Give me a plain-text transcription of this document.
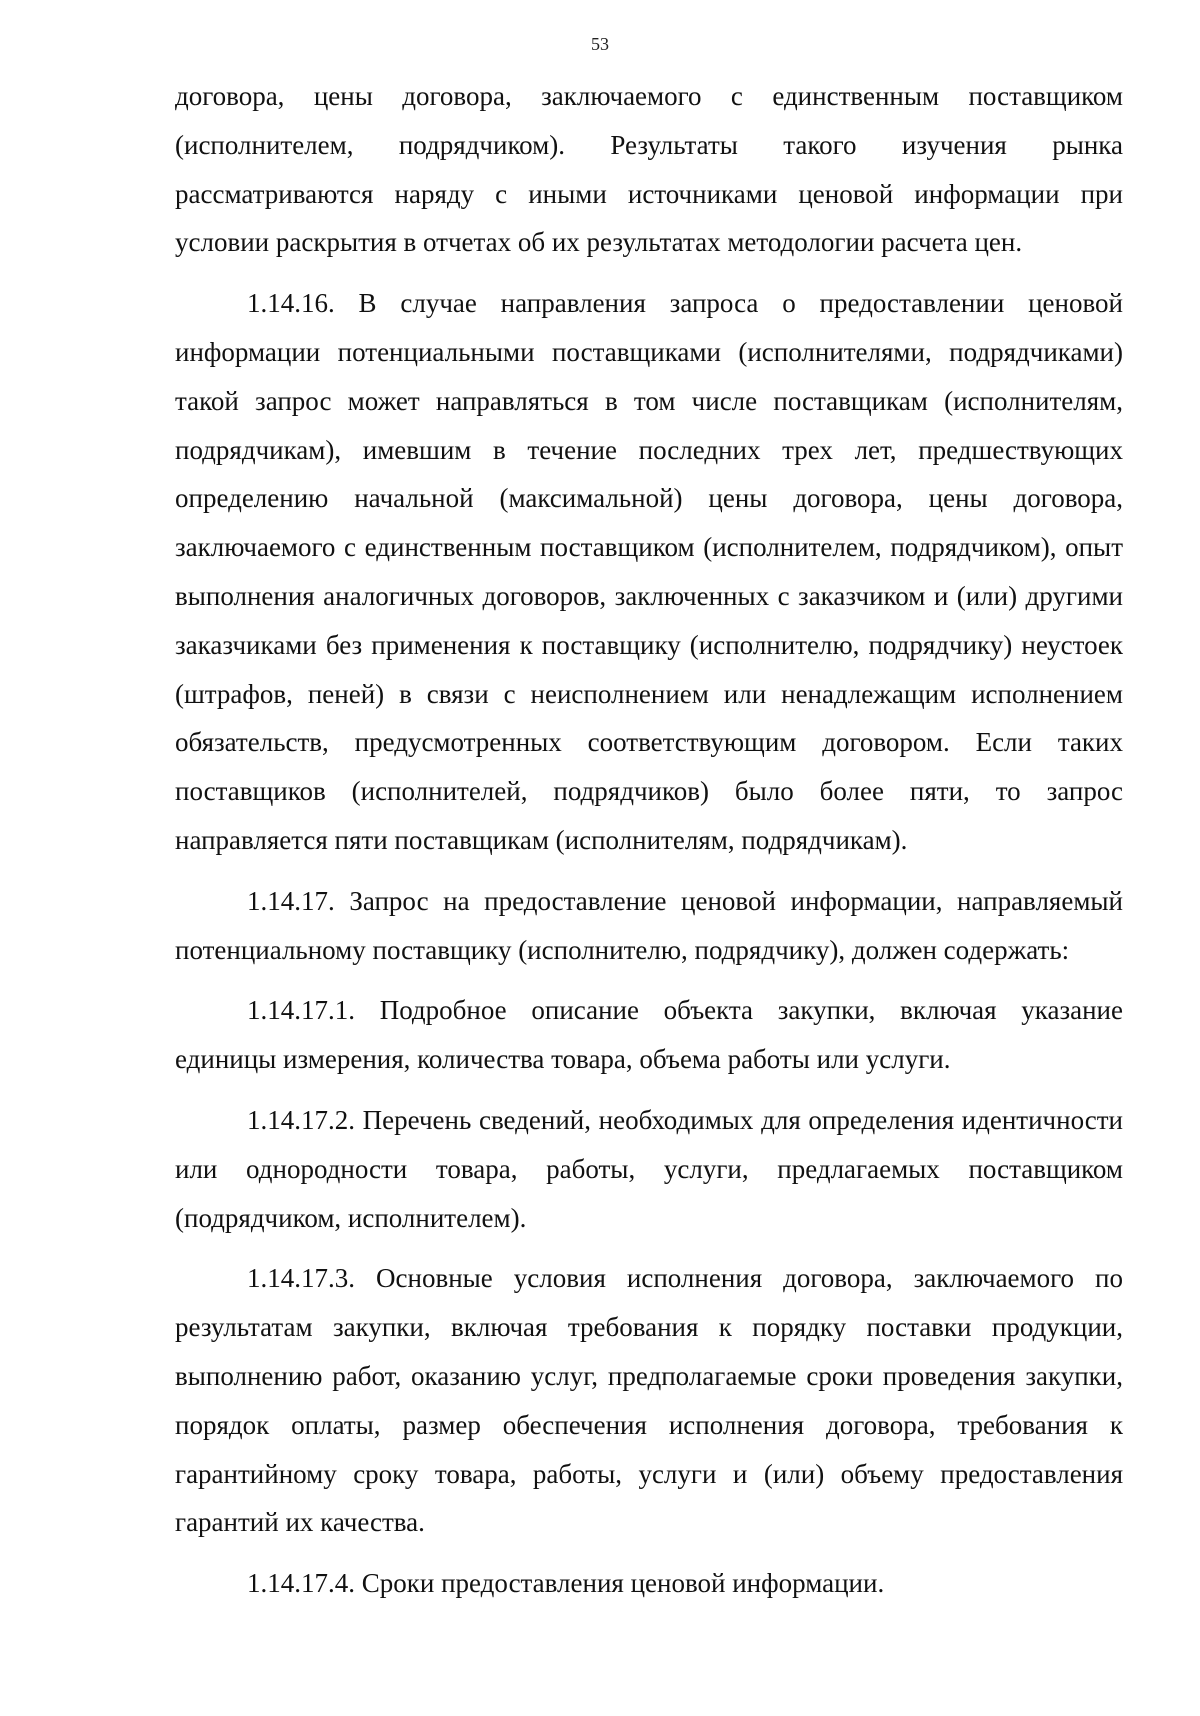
53

договора, цены договора, заключаемого с единственным поставщиком (исполнителем, подрядчиком). Результаты такого изучения рынка рассматриваются наряду с иными источниками ценовой информации при условии раскрытия в отчетах об их результатах методологии расчета цен.

1.14.16. В случае направления запроса о предоставлении ценовой информации потенциальными поставщиками (исполнителями, подрядчиками) такой запрос может направляться в том числе поставщикам (исполнителям, подрядчикам), имевшим в течение последних трех лет, предшествующих определению начальной (максимальной) цены договора, цены договора, заключаемого с единственным поставщиком (исполнителем, подрядчиком), опыт выполнения аналогичных договоров, заключенных с заказчиком и (или) другими заказчиками без применения к поставщику (исполнителю, подрядчику) неустоек (штрафов, пеней) в связи с неисполнением или ненадлежащим исполнением обязательств, предусмотренных соответствующим договором. Если таких поставщиков (исполнителей, подрядчиков) было более пяти, то запрос направляется пяти поставщикам (исполнителям, подрядчикам).

1.14.17. Запрос на предоставление ценовой информации, направляемый потенциальному поставщику (исполнителю, подрядчику), должен содержать:

1.14.17.1. Подробное описание объекта закупки, включая указание единицы измерения, количества товара, объема работы или услуги.

1.14.17.2. Перечень сведений, необходимых для определения идентичности или однородности товара, работы, услуги, предлагаемых поставщиком (подрядчиком, исполнителем).

1.14.17.3. Основные условия исполнения договора, заключаемого по результатам закупки, включая требования к порядку поставки продукции, выполнению работ, оказанию услуг, предполагаемые сроки проведения закупки, порядок оплаты, размер обеспечения исполнения договора, требования к гарантийному сроку товара, работы, услуги и (или) объему предоставления гарантий их качества.

1.14.17.4. Сроки предоставления ценовой информации.
